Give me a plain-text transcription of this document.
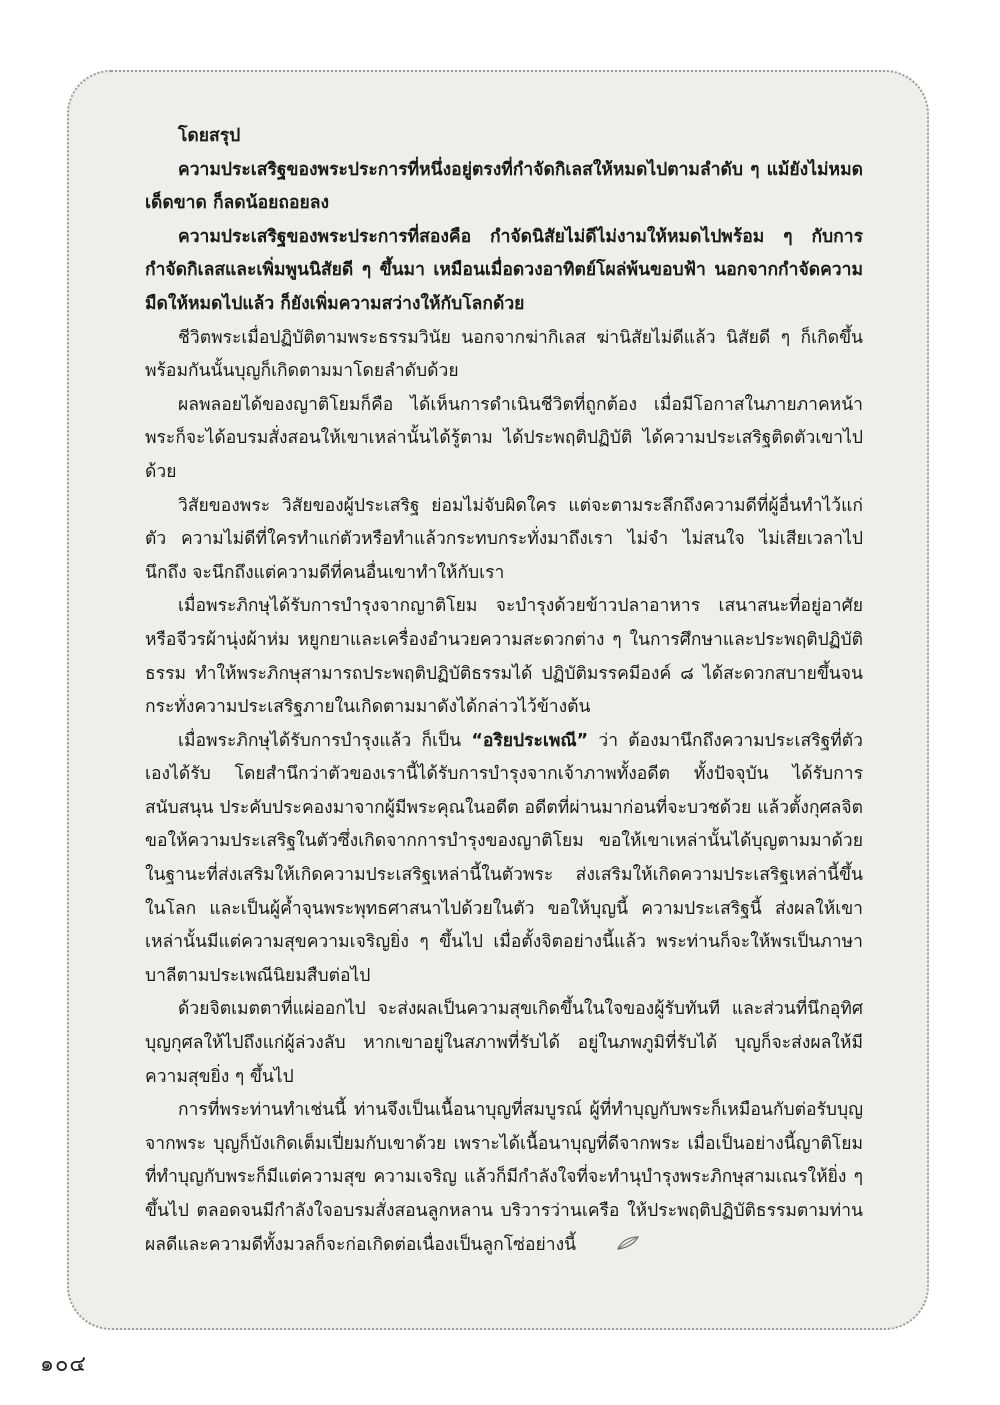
โดยสรุป

ความประเสริฐของพระประการที่หนึ่งอยู่ตรงที่กำจัดกิเลสให้หมดไปตามลำดับ ๆ แม้ยังไม่หมดเด็ดขาด ก็ลดน้อยถอยลง

ความประเสริฐของพระประการที่สองคือ กำจัดนิสัยไม่ดีไม่งามให้หมดไปพร้อม ๆ กับการกำจัดกิเลสและเพิ่มพูนนิสัยดี ๆ ขึ้นมา เหมือนเมื่อดวงอาทิตย์โผล่พ้นขอบฟ้า นอกจากกำจัดความมืดให้หมดไปแล้ว ก็ยังเพิ่มความสว่างให้กับโลกด้วย

ชีวิตพระเมื่อปฏิบัติตามพระธรรมวินัย นอกจากฆ่ากิเลส ฆ่านิสัยไม่ดีแล้ว นิสัยดี ๆ ก็เกิดขึ้น พร้อมกันนั้นบุญก็เกิดตามมาโดยลำดับด้วย

ผลพลอยได้ของญาติโยมก็คือ ได้เห็นการดำเนินชีวิตที่ถูกต้อง เมื่อมีโอกาสในภายภาคหน้าพระก็จะได้อบรมสั่งสอนให้เขาเหล่านั้นได้รู้ตาม ได้ประพฤติปฏิบัติ ได้ความประเสริฐติดตัวเขาไปด้วย

วิสัยของพระ วิสัยของผู้ประเสริฐ ย่อมไม่จับผิดใคร แต่จะตามระลึกถึงความดีที่ผู้อื่นทำไว้แก่ตัว ความไม่ดีที่ใครทำแก่ตัวหรือทำแล้วกระทบกระทั่งมาถึงเรา ไม่จำ ไม่สนใจ ไม่เสียเวลาไปนึกถึง จะนึกถึงแต่ความดีที่คนอื่นเขาทำให้กับเรา

เมื่อพระภิกษุได้รับการบำรุงจากญาติโยม จะบำรุงด้วยข้าวปลาอาหาร เสนาสนะที่อยู่อาศัยหรือจีวรผ้านุ่งผ้าห่ม หยูกยาและเครื่องอำนวยความสะดวกต่าง ๆ ในการศึกษาและประพฤติปฏิบัติธรรม ทำให้พระภิกษุสามารถประพฤติปฏิบัติธรรมได้ ปฏิบัติมรรคมีองค์ ๘ ได้สะดวกสบายขึ้นจนกระทั่งความประเสริฐภายในเกิดตามมาดังได้กล่าวไว้ข้างต้น

เมื่อพระภิกษุได้รับการบำรุงแล้ว ก็เป็น “อริยประเพณี” ว่า ต้องมานึกถึงความประเสริฐที่ตัวเองได้รับ โดยสำนึกว่าตัวของเรานี้ได้รับการบำรุงจากเจ้าภาพทั้งอดีต ทั้งปัจจุบัน ได้รับการสนับสนุน ประคับประคองมาจากผู้มีพระคุณในอดีต อดีตที่ผ่านมาก่อนที่จะบวชด้วย แล้วตั้งกุศลจิตขอให้ความประเสริฐในตัวซึ่งเกิดจากการบำรุงของญาติโยม ขอให้เขาเหล่านั้นได้บุญตามมาด้วยในฐานะที่ส่งเสริมให้เกิดความประเสริฐเหล่านี้ในตัวพระ ส่งเสริมให้เกิดความประเสริฐเหล่านี้ขึ้นในโลก และเป็นผู้ค้ำจุนพระพุทธศาสนาไปด้วยในตัว ขอให้บุญนี้ ความประเสริฐนี้ ส่งผลให้เขาเหล่านั้นมีแต่ความสุขความเจริญยิ่ง ๆ ขึ้นไป เมื่อตั้งจิตอย่างนี้แล้ว พระท่านก็จะให้พรเป็นภาษาบาลีตามประเพณีนิยมสืบต่อไป

ด้วยจิตเมตตาที่แผ่ออกไป จะส่งผลเป็นความสุขเกิดขึ้นในใจของผู้รับทันที และส่วนที่นึกอุทิศบุญกุศลให้ไปถึงแก่ผู้ล่วงลับ หากเขาอยู่ในสภาพที่รับได้ อยู่ในภพภูมิที่รับได้ บุญก็จะส่งผลให้มีความสุขยิ่ง ๆ ขึ้นไป

การที่พระท่านทำเช่นนี้ ท่านจึงเป็นเนื้อนาบุญที่สมบูรณ์ ผู้ที่ทำบุญกับพระก็เหมือนกับต่อรับบุญจากพระ บุญก็บังเกิดเต็มเปี่ยมกับเขาด้วย เพราะได้เนื้อนาบุญที่ดีจากพระ เมื่อเป็นอย่างนี้ญาติโยมที่ทำบุญกับพระก็มีแต่ความสุข ความเจริญ แล้วก็มีกำลังใจที่จะทำนุบำรุงพระภิกษุสามเณรให้ยิ่ง ๆ ขึ้นไป ตลอดจนมีกำลังใจอบรมสั่งสอนลูกหลาน บริวารว่านเครือ ให้ประพฤติปฏิบัติธรรมตามท่าน ผลดีและความดีทั้งมวลก็จะก่อเกิดต่อเนื่องเป็นลูกโซ่อย่างนี้

๑๐๔
